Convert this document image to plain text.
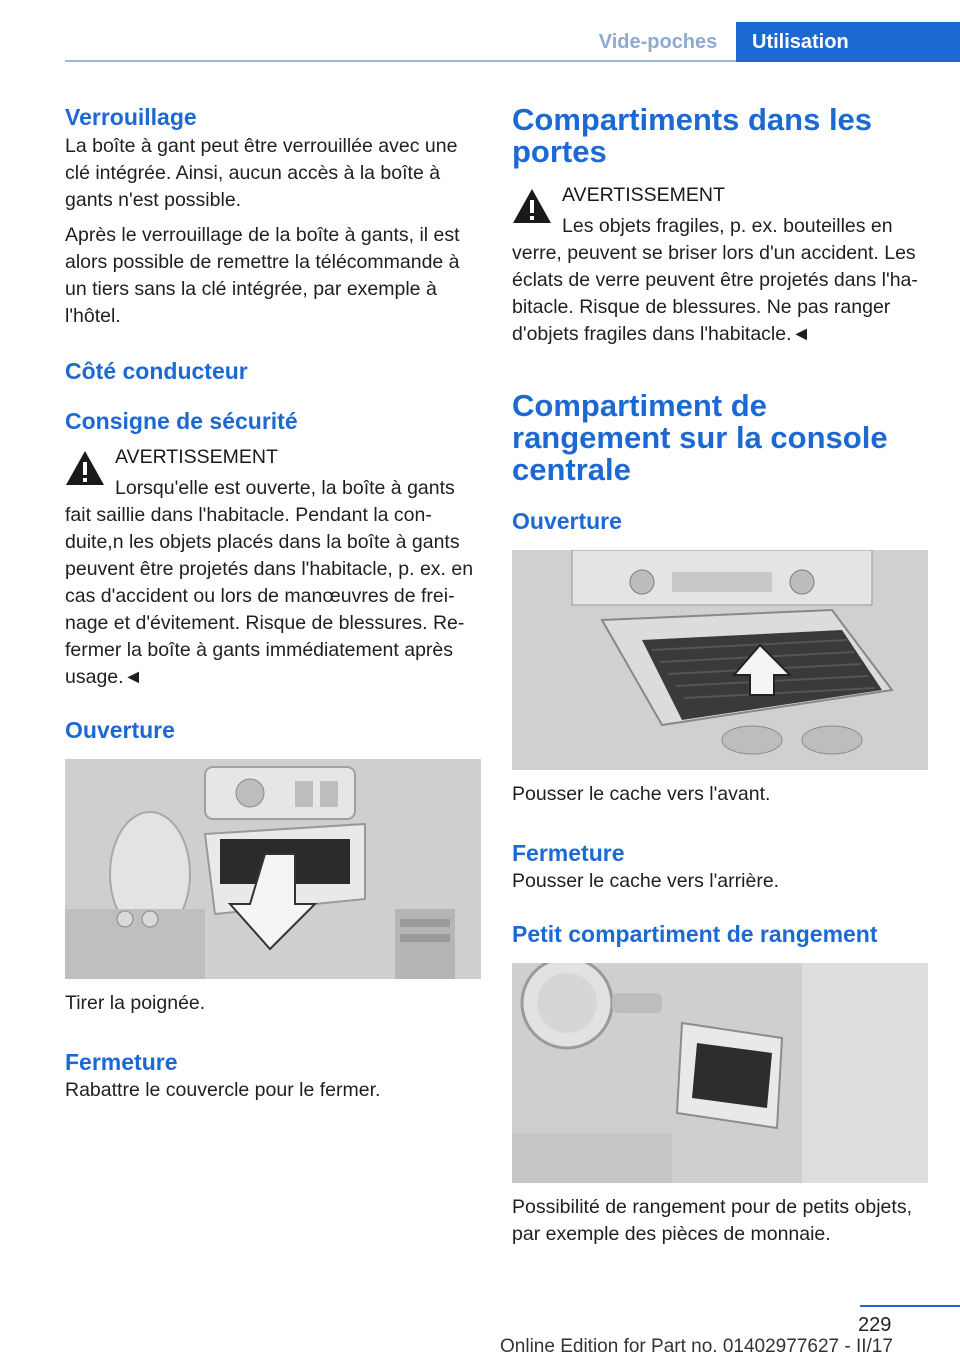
Vide-poches	Utilisation
Verrouillage

La boîte à gant peut être verrouillée avec une clé intégrée. Ainsi, aucun accès à la boîte à gants n'est possible.

Après le verrouillage de la boîte à gants, il est alors possible de remettre la télécommande à un tiers sans la clé intégrée, par exemple à l'hôtel.

Côté conducteur
Consigne de sécurité
AVERTISSEMENT

Lorsqu'elle est ouverte, la boîte à gants fait saillie dans l'habitacle. Pendant la conduite,n les objets placés dans la boîte à gants peuvent être projetés dans l'habitacle, p. ex. en cas d'accident ou lors de manœuvres de freinage et d'évitement. Risque de blessures. Refermer la boîte à gants immédiatement après usage.◄

Ouverture

Tirer la poignée.

Fermeture

Rabattre le couvercle pour le fermer.

Compartiments dans les portes
AVERTISSEMENT

Les objets fragiles, p. ex. bouteilles en verre, peuvent se briser lors d'un accident. Les éclats de verre peuvent être projetés dans l'habitacle. Risque de blessures. Ne pas ranger d'objets fragiles dans l'habitacle.◄

Compartiment de rangement sur la console centrale
Ouverture

Pousser le cache vers l'avant.

Fermeture

Pousser le cache vers l'arrière.

Petit compartiment de rangement

Possibilité de rangement pour de petits objets, par exemple des pièces de monnaie.

229
Online Edition for Part no. 01402977627 - II/17
